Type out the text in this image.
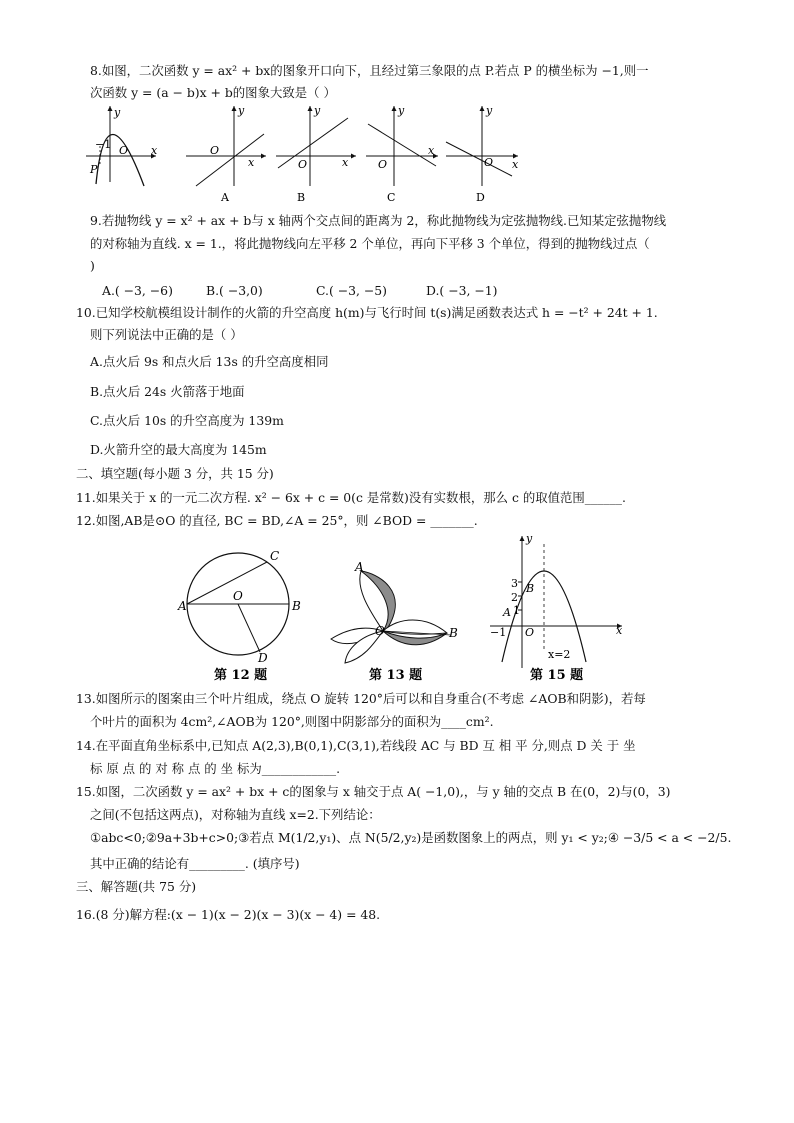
8.如图，二次函数 y = ax² + bx的图象开口向下，且经过第三象限的点 P.若点 P 的横坐标为 −1,则一
次函数 y = (a − b)x + b的图象大致是（ ）
−1
P
y
O x
y
O
x
A
y
O	x
B
y
O
x
C
y
O x
D
9.若抛物线 y = x² + ax + b与 x 轴两个交点间的距离为 2，称此抛物线为定弦抛物线.已知某定弦抛物线
的对称轴为直线. x = 1.，将此抛物线向左平移 2 个单位，再向下平移 3 个单位，得到的抛物线过点（
)
A.( −3, −6)	B.( −3,0)	C.( −3, −5)	D.( −3, −1)
10.已知学校航模组设计制作的火箭的升空高度 h(m)与飞行时间 t(s)满足函数表达式 h = −t² + 24t + 1.
则下列说法中正确的是（ ）
A.点火后 9s 和点火后 13s 的升空高度相同
B.点火后 24s 火箭落于地面
C.点火后 10s 的升空高度为 139m
D.火箭升空的最大高度为 145m
二、填空题(每小题 3 分，共 15 分)
11.如果关于 x 的一元二次方程. x² − 6x + c = 0(c 是常数)没有实数根，那么 c 的取值范围______.
12.如图,AB是⊙O 的直径, BC = BD,∠A = 25°，则 ∠BOD = _______.
A	B
C
D
O
第 12 题
A
B
O
第 13 题
y
x
O
−1
3
2
1
B
A
x=2
第 15 题
13.如图所示的图案由三个叶片组成，绕点 O 旋转 120°后可以和自身重合(不考虑 ∠AOB和阴影)，若每
个叶片的面积为 4cm²,∠AOB为 120°,则图中阴影部分的面积为____cm².
14.在平面直角坐标系中,已知点 A(2,3),B(0,1),C(3,1),若线段 AC 与 BD 互 相 平 分,则点 D 关 于 坐
标 原 点 的 对 称 点 的 坐 标为____________.
15.如图，二次函数 y = ax² + bx + c的图象与 x 轴交于点 A( −1,0),，与 y 轴的交点 B 在(0，2)与(0，3)
之间(不包括这两点)，对称轴为直线 x=2.下列结论：
①abc<0;②9a+3b+c>0;③若点 M(1/2,y₁)、点 N(5/2,y₂)是函数图象上的两点，则 y₁ < y₂;④ −3/5 < a < −2/5.
其中正确的结论有_________. (填序号)
三、解答题(共 75 分)
16.(8 分)解方程:(x − 1)(x − 2)(x − 3)(x − 4) = 48.
